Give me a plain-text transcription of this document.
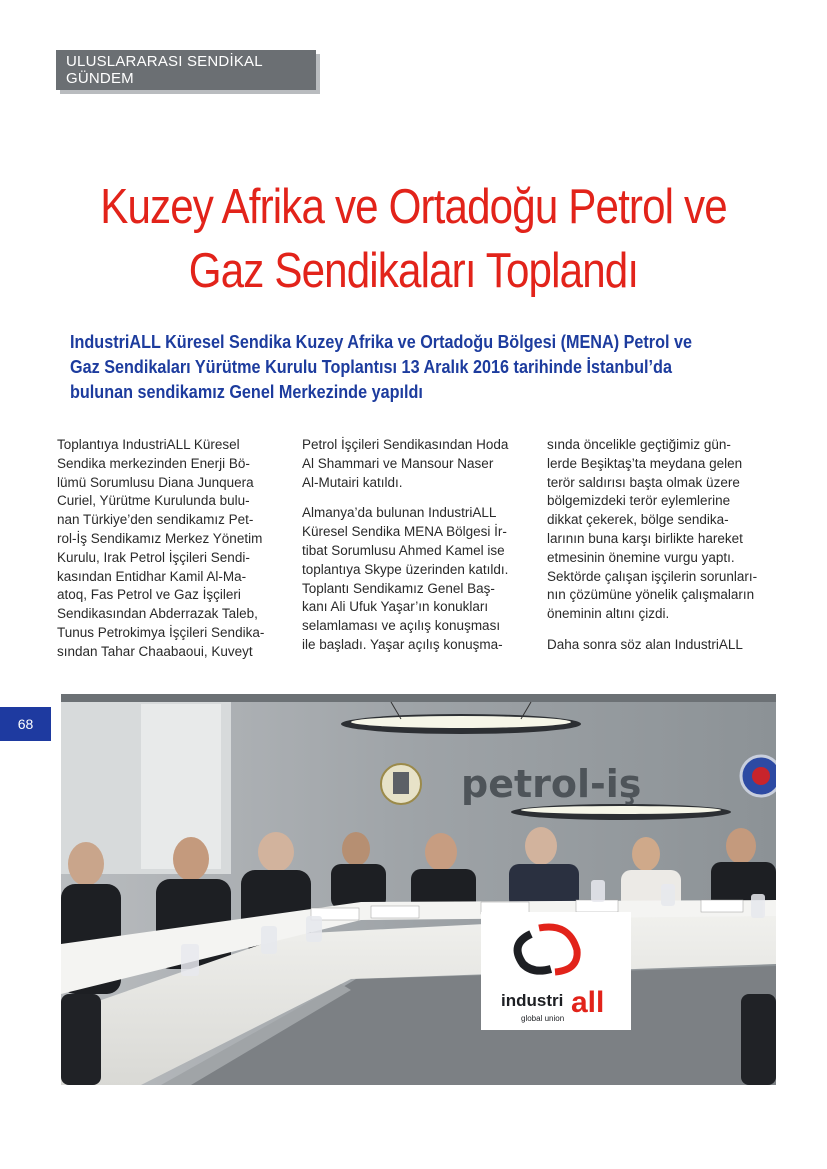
ULUSLARARASI SENDİKAL GÜNDEM
Kuzey Afrika ve Ortadoğu Petrol ve
Gaz Sendikaları Toplandı
IndustriALL Küresel Sendika Kuzey Afrika ve Ortadoğu Bölgesi (MENA) Petrol ve
Gaz Sendikaları Yürütme Kurulu Toplantısı 13 Aralık 2016 tarihinde İstanbul’da
bulunan sendikamız Genel Merkezinde yapıldı

Toplantıya IndustriALL Küresel
Sendika merkezinden Enerji Bö-
lümü Sorumlusu Diana Junquera
Curiel, Yürütme Kurulunda bulu-
nan Türkiye’den sendikamız Pet-
rol-İş Sendikamız Merkez Yönetim
Kurulu, Irak Petrol İşçileri Sendi-
kasından Entidhar Kamil Al-Ma-
atoq, Fas Petrol ve Gaz İşçileri
Sendikasından Abderrazak Taleb,
Tunus Petrokimya İşçileri Sendika-
sından Tahar Chaabaoui, Kuveyt

Petrol İşçileri Sendikasından Hoda
Al Shammari ve Mansour Naser
Al-Mutairi katıldı.

Almanya’da bulunan IndustriALL
Küresel Sendika MENA Bölgesi İr-
tibat Sorumlusu Ahmed Kamel ise
toplantıya Skype üzerinden katıldı.
Toplantı Sendikamız Genel Baş-
kanı Ali Ufuk Yaşar’ın konukları
selamlaması ve açılış konuşması
ile başladı. Yaşar açılış konuşma-

sında öncelikle geçtiğimiz gün-
lerde Beşiktaş’ta meydana gelen
terör saldırısı başta olmak üzere
bölgemizdeki terör eylemlerine
dikkat çekerek, bölge sendika-
larının buna karşı birlikte hareket
etmesinin önemine vurgu yaptı.
Sektörde çalışan işçilerin sorunları-
nın çözümüne yönelik çalışmaların
öneminin altını çizdi.

Daha sonra söz alan IndustriALL

68
petrol-iş
industri all
global union
